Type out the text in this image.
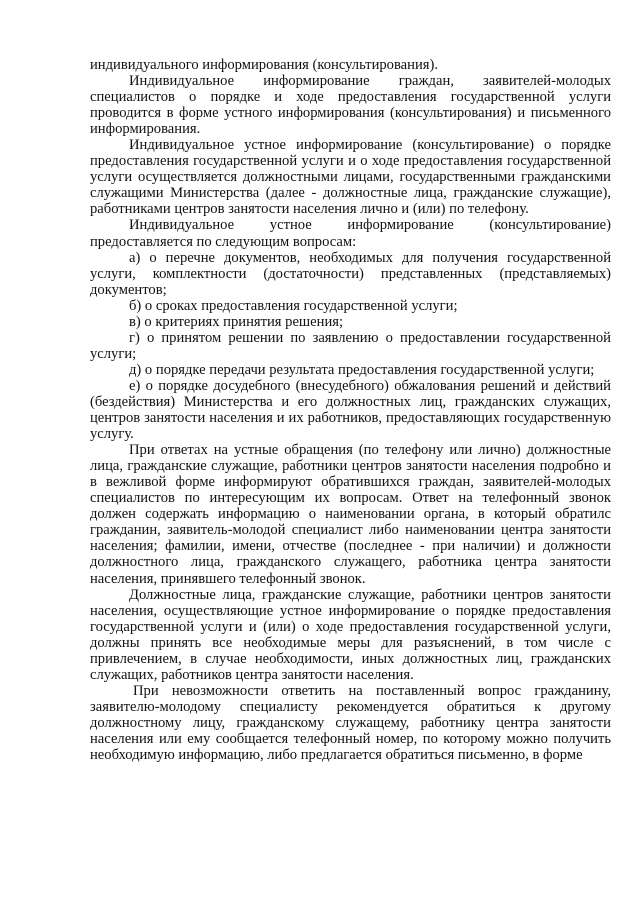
индивидуального информирования (консультирования).

Индивидуальное информирование граждан, заявителей-молодых специалистов о порядке и ходе предоставления государственной услуги проводится в форме устного информирования (консультирования) и письменного информирования.

Индивидуальное устное информирование (консультирование) о порядке предоставления государственной услуги и о ходе предоставления государственной услуги осуществляется должностными лицами, государственными гражданскими служащими Министерства (далее - должностные лица, гражданские служащие), работниками центров занятости населения лично и (или) по телефону.

Индивидуальное устное информирование (консультирование) предоставляется по следующим вопросам:

а) о перечне документов, необходимых для получения государственной услуги, комплектности (достаточности) представленных (представляемых) документов;

б) о сроках предоставления государственной услуги;

в) о критериях принятия решения;

г) о принятом решении по заявлению о предоставлении государственной услуги;

д) о порядке передачи результата предоставления государственной услуги;

е) о порядке досудебного (внесудебного) обжалования решений и действий (бездействия) Министерства и его должностных лиц, гражданских служащих, центров занятости населения и их работников, предоставляющих государственную услугу.

При ответах на устные обращения (по телефону или лично) должностные лица, гражданские служащие, работники центров занятости населения подробно и в вежливой форме информируют обратившихся граждан, заявителей-молодых специалистов по интересующим их вопросам. Ответ на телефонный звонок должен содержать информацию о наименовании органа, в который обратилс гражданин, заявитель-молодой специалист либо наименовании центра занятости населения; фамилии, имени, отчестве (последнее - при наличии) и должности должностного лица, гражданского служащего, работника центра занятости населения, принявшего телефонный звонок.

Должностные лица, гражданские служащие, работники центров занятости населения, осуществляющие устное информирование о порядке предоставления государственной услуги и (или) о ходе предоставления государственной услуги, должны принять все необходимые меры для разъяснений, в том числе с привлечением, в случае необходимости, иных должностных лиц, гражданских служащих, работников центра занятости населения.

При невозможности ответить на поставленный вопрос гражданину, заявителю-молодому специалисту рекомендуется обратиться к другому должностному лицу, гражданскому служащему, работнику центра занятости населения или ему сообщается телефонный номер, по которому можно получить необходимую информацию, либо предлагается обратиться письменно, в форме
